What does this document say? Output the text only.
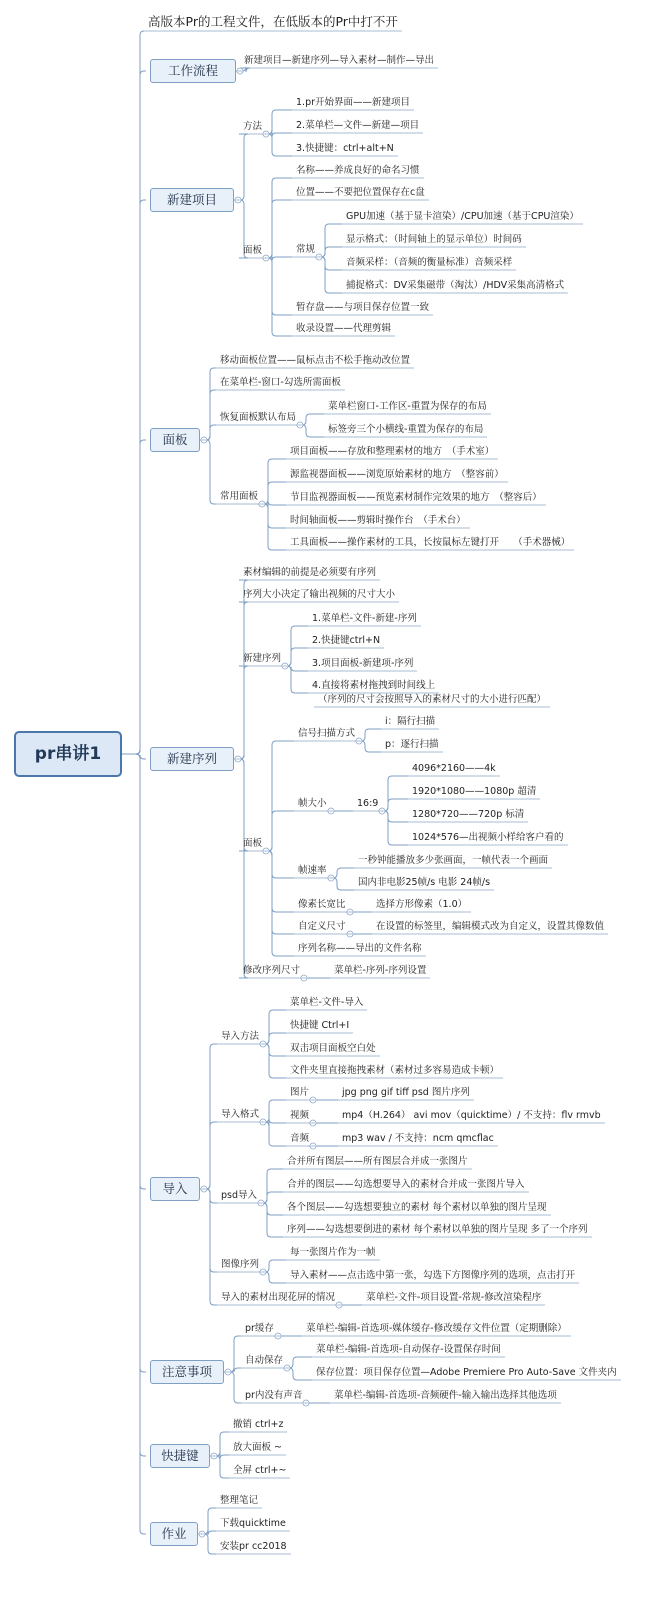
pr串讲1
高版本Pr的工程文件，在低版本的Pr中打不开
工作流程
新建项目—新建序列—导入素材—制作—导出
新建项目
方法
1.pr开始界面——新建项目
2.菜单栏—文件—新建—项目
3.快捷键：ctrl+alt+N
面板
名称——养成良好的命名习惯
位置——不要把位置保存在c盘
常规
GPU加速（基于显卡渲染）/CPU加速（基于CPU渲染）
显示格式：（时间轴上的显示单位）时间码
音频采样：（音频的衡量标准）音频采样
捕捉格式：DV采集磁带（淘汰）/HDV采集高清格式
暂存盘——与项目保存位置一致
收录设置——代理剪辑
面板
移动面板位置——鼠标点击不松手拖动改位置
在菜单栏-窗口-勾选所需面板
恢复面板默认布局
菜单栏窗口-工作区-重置为保存的布局
标签旁三个小横线-重置为保存的布局
常用面板
项目面板——存放和整理素材的地方　（手术室）
源监视器面板——浏览原始素材的地方　（整容前）
节目监视器面板——预览素材制作完效果的地方　（整容后）
时间轴面板——剪辑时操作台　（手术台）
工具面板——操作素材的工具，长按鼠标左键打开　　（手术器械）
新建序列
素材编辑的前提是必须要有序列
序列大小决定了输出视频的尺寸大小
新建序列
1.菜单栏-文件-新建-序列
2.快捷键ctrl+N
3.项目面板-新建项-序列
4.直接将素材拖拽到时间线上
（序列的尺寸会按照导入的素材尺寸的大小进行匹配）
面板
信号扫描方式
i：隔行扫描
p：逐行扫描
帧大小	16:9
4096*2160——4k
1920*1080——1080p 超清
1280*720——720p 标清
1024*576—出视频小样给客户看的
帧速率
一秒钟能播放多少张画面，一帧代表一个画面
国内非电影25帧/s 电影 24帧/s
像素长宽比	选择方形像素（1.0）
自定义尺寸	在设置的标签里，编辑模式改为自定义，设置其像数值
序列名称——导出的文件名称
修改序列尺寸	菜单栏-序列-序列设置
导入
导入方法
菜单栏-文件-导入
快捷键 Ctrl+I
双击项目面板空白处
文件夹里直接拖拽素材（素材过多容易造成卡顿）
导入格式
图片	jpg png gif tiff psd 图片序列
视频	mp4（H.264） avi mov（quicktime）/ 不支持：flv rmvb
音频	mp3 wav / 不支持：ncm qmcflac
psd导入
合并所有图层——所有图层合并成一张图片
合并的图层——勾选想要导入的素材合并成一张图片导入
各个图层——勾选想要独立的素材 每个素材以单独的图片呈现
序列——勾选想要倒进的素材 每个素材以单独的图片呈现 多了一个序列
图像序列
每一张图片作为一帧
导入素材——点击选中第一张，勾选下方图像序列的选项，点击打开
导入的素材出现花屏的情况	菜单栏-文件-项目设置-常规-修改渲染程序
注意事项
pr缓存	菜单栏-编辑-首选项-媒体缓存-修改缓存文件位置（定期删除）
自动保存
菜单栏-编辑-首选项-自动保存-设置保存时间
保存位置：项目保存位置—Adobe Premiere Pro Auto-Save 文件夹内
pr内没有声音	菜单栏-编辑-首选项-音频硬件-输入输出选择其他选项
快捷键
撤销 ctrl+z
放大面板 ~
全屏 ctrl+~
作业
整理笔记
下载quicktime
安装pr cc2018
